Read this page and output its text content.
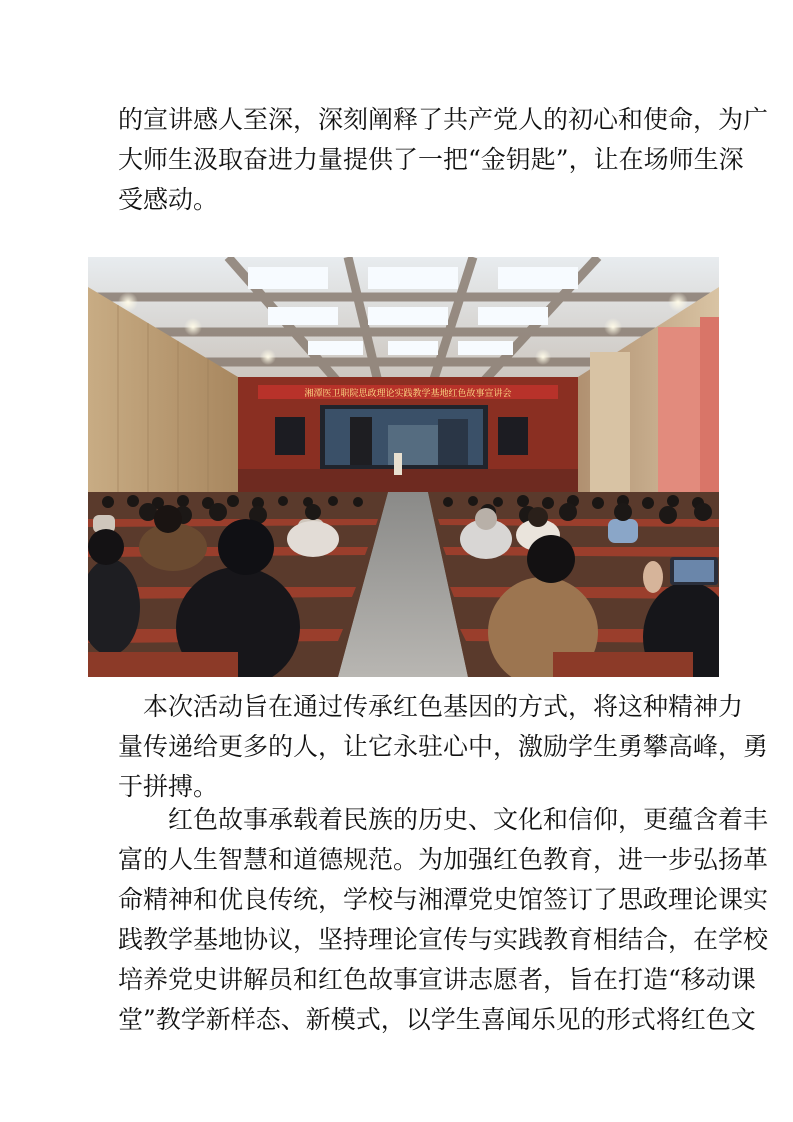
的宣讲感人至深，深刻阐释了共产党人的初心和使命，为广
大师生汲取奋进力量提供了一把“金钥匙”，让在场师生深
受感动。

湘潭医卫职院思政理论实践教学基地红色故事宣讲会

　本次活动旨在通过传承红色基因的方式，将这种精神力
量传递给更多的人，让它永驻心中，激励学生勇攀高峰，勇
于拼搏。

　　红色故事承载着民族的历史、文化和信仰，更蕴含着丰
富的人生智慧和道德规范。为加强红色教育，进一步弘扬革
命精神和优良传统，学校与湘潭党史馆签订了思政理论课实
践教学基地协议，坚持理论宣传与实践教育相结合，在学校
培养党史讲解员和红色故事宣讲志愿者，旨在打造“移动课
堂”教学新样态、新模式，以学生喜闻乐见的形式将红色文
